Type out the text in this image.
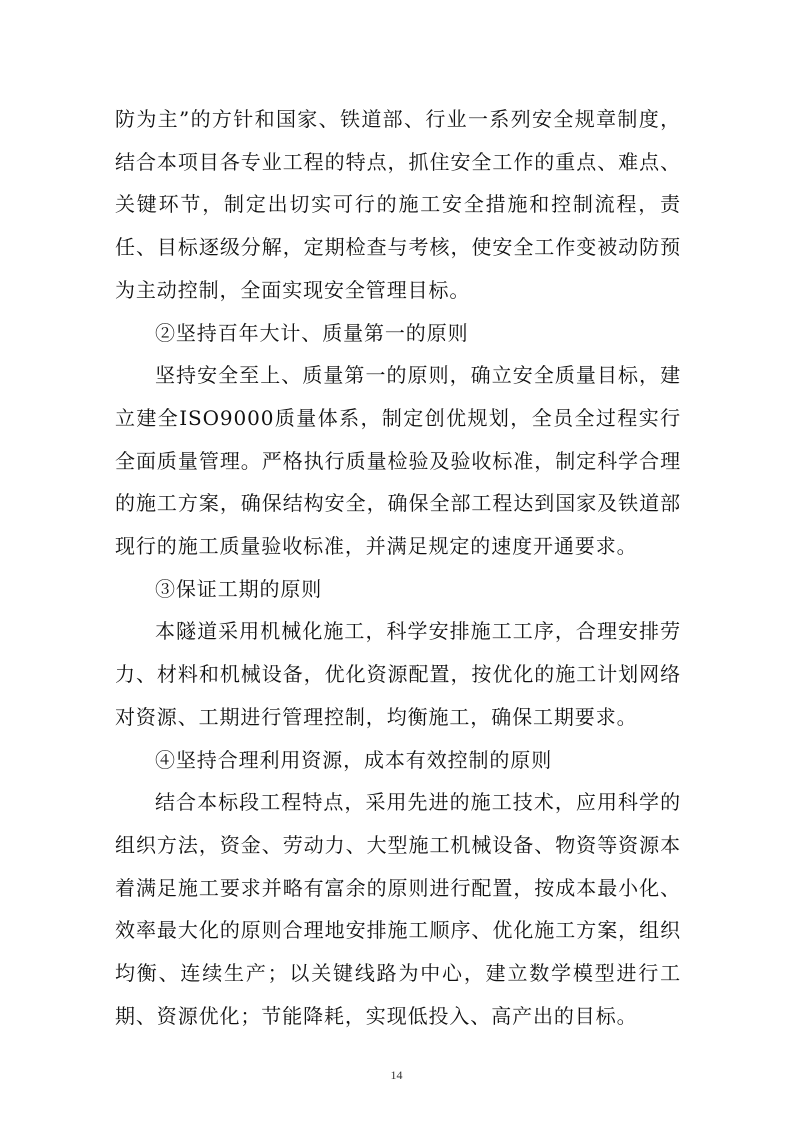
防为主”的方针和国家、铁道部、行业一系列安全规章制度，结合本项目各专业工程的特点，抓住安全工作的重点、难点、关键环节，制定出切实可行的施工安全措施和控制流程，责任、目标逐级分解，定期检查与考核，使安全工作变被动防预为主动控制，全面实现安全管理目标。

②坚持百年大计、质量第一的原则

坚持安全至上、质量第一的原则，确立安全质量目标，建立建全ISO9000质量体系，制定创优规划，全员全过程实行全面质量管理。严格执行质量检验及验收标准，制定科学合理的施工方案，确保结构安全，确保全部工程达到国家及铁道部现行的施工质量验收标准，并满足规定的速度开通要求。

③保证工期的原则

本隧道采用机械化施工，科学安排施工工序，合理安排劳力、材料和机械设备，优化资源配置，按优化的施工计划网络对资源、工期进行管理控制，均衡施工，确保工期要求。

④坚持合理利用资源，成本有效控制的原则

结合本标段工程特点，采用先进的施工技术，应用科学的组织方法，资金、劳动力、大型施工机械设备、物资等资源本着满足施工要求并略有富余的原则进行配置，按成本最小化、效率最大化的原则合理地安排施工顺序、优化施工方案，组织均衡、连续生产；以关键线路为中心，建立数学模型进行工期、资源优化；节能降耗，实现低投入、高产出的目标。

14
